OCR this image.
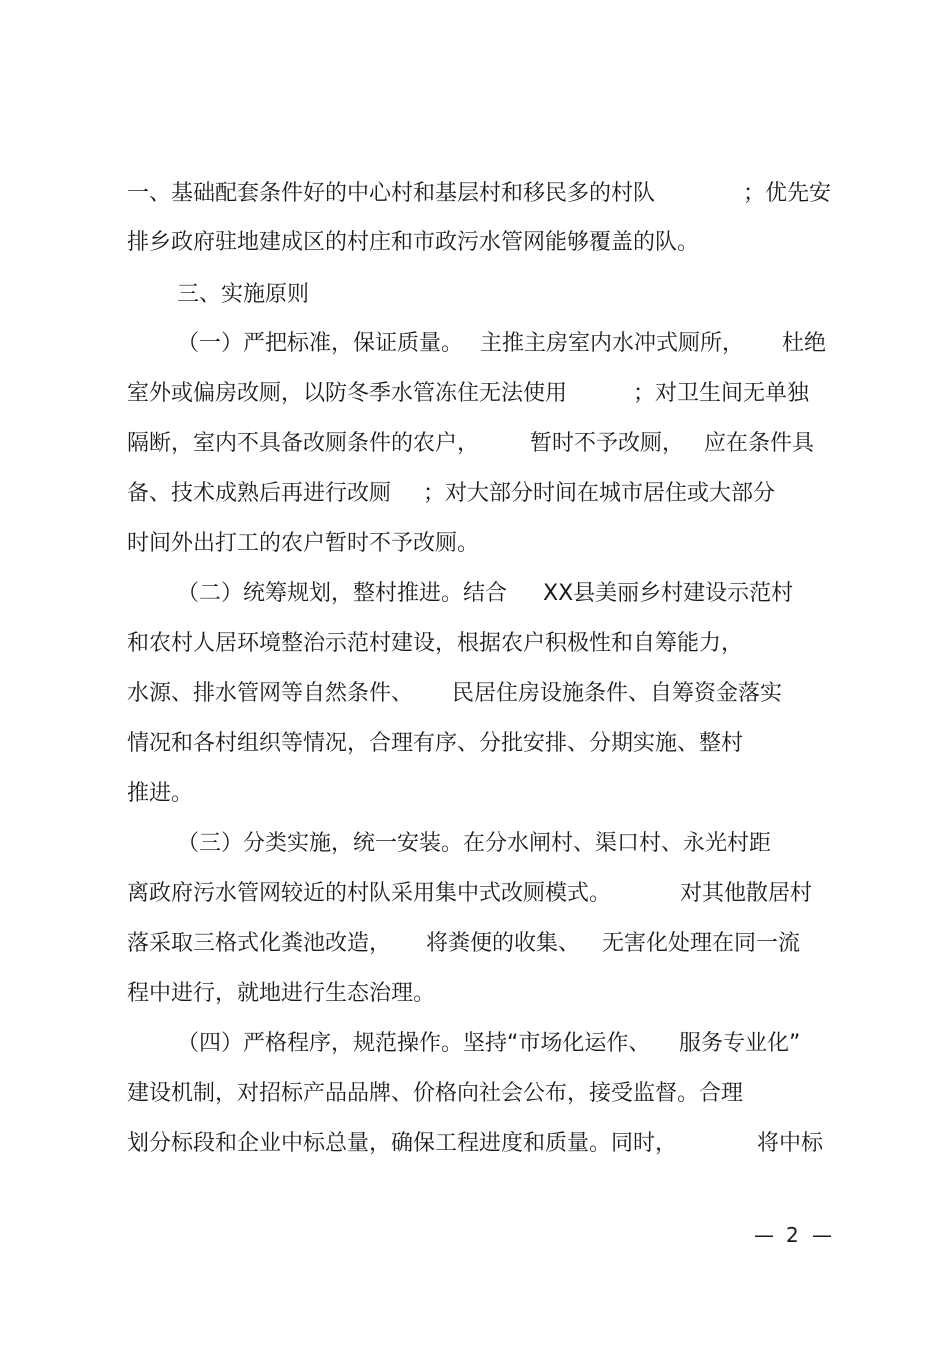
一、基础配套条件好的中心村和基层村和移民多的村队	；优先安
排乡政府驻地建成区的村庄和市政污水管网能够覆盖的队。
三、实施原则
（一）严把标准，保证质量。 主推主房室内水冲式厕所， 杜绝
室外或偏房改厕，以防冬季水管冻住无法使用	；对卫生间无单独
隔断，室内不具备改厕条件的农户， 暂时不予改厕， 应在条件具
备、技术成熟后再进行改厕 ；对大部分时间在城市居住或大部分
时间外出打工的农户暂时不予改厕。
（二）统筹规划，整村推进。结合 XX县美丽乡村建设示范村
和农村人居环境整治示范村建设，根据农户积极性和自筹能力，
水源、排水管网等自然条件、 民居住房设施条件、自筹资金落实
情况和各村组织等情况，合理有序、分批安排、分期实施、整村
推进。
（三）分类实施，统一安装。在分水闸村、渠口村、永光村距
离政府污水管网较近的村队采用集中式改厕模式。	对其他散居村
落采取三格式化粪池改造， 将粪便的收集、 无害化处理在同一流
程中进行，就地进行生态治理。
（四）严格程序，规范操作。坚持“市场化运作、 服务专业化”
建设机制，对招标产品品牌、价格向社会公布，接受监督。合理
划分标段和企业中标总量，确保工程进度和质量。同时，	将中标
— 2 —
